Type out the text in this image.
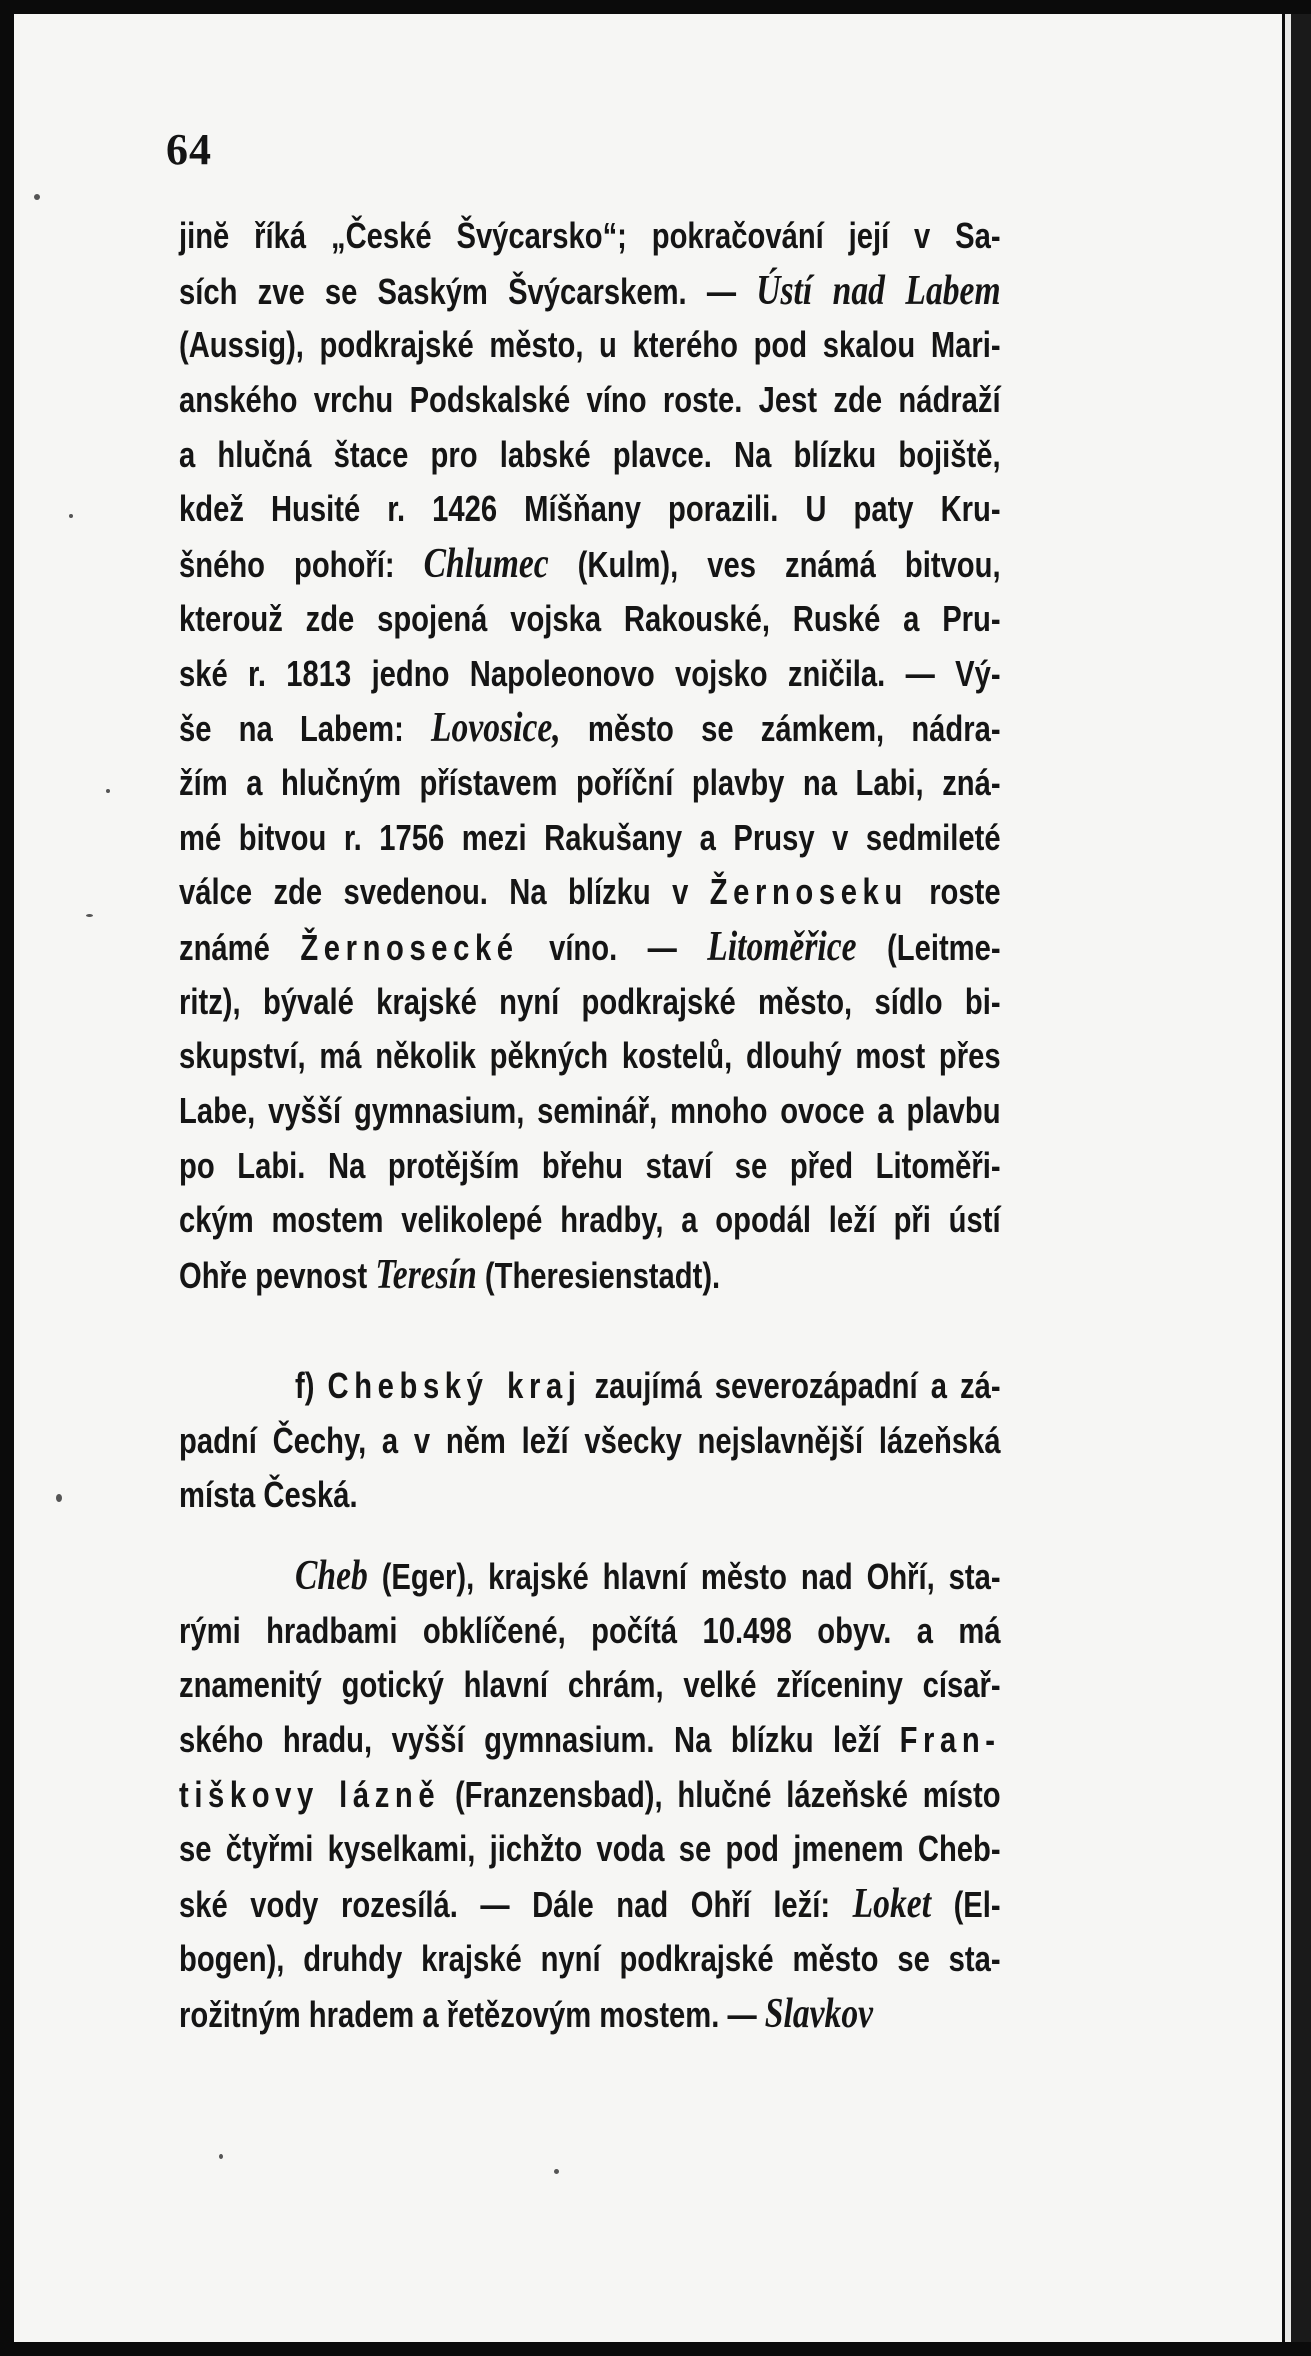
64
jinĕ říká „České Švýcarsko“; pokračování její v Sa-
sích zve se Saským Švýcarskem. — Ústí nad Labem
(Aussig), podkrajské město, u kterého pod skalou Mari-
anského vrchu Podskalské víno roste. Jest zde nádraží
a hlučná štace pro labské plavce. Na blízku bojiště,
kdež Husité r. 1426 Míšňany porazili. U paty Kru-
šného pohoří: Chlumec (Kulm), ves známá bitvou,
kterouž zde spojená vojska Rakouské, Ruské a Pru-
ské r. 1813 jedno Napoleonovo vojsko zničila. — Vý-
še na Labem: Lovosice, město se zámkem, nádra-
žím a hlučným přístavem poříční plavby na Labi, zná-
mé bitvou r. 1756 mezi Rakušany a Prusy v sedmileté
válce zde svedenou. Na blízku v Žernoseku roste
známé Žernosecké víno. — Litoměřice (Leitme-
ritz), bývalé krajské nyní podkrajské město, sídlo bi-
skupství, má několik pěkných kostelů, dlouhý most přes
Labe, vyšší gymnasium, seminář, mnoho ovoce a plavbu
po Labi. Na protějším břehu staví se před Litoměři-
ckým mostem velikolepé hradby, a opodál leží při ústí
Ohře pevnost Teresín (Theresienstadt).
f) Chebský kraj zaujímá severozápadní a zá-
padní Čechy, a v něm leží všecky nejslavnější lázeňská
místa Česká.
Cheb (Eger), krajské hlavní město nad Ohří, sta-
rými hradbami obklíčené, počítá 10.498 obyv. a má
znamenitý gotický hlavní chrám, velké zříceniny císař-
ského hradu, vyšší gymnasium. Na blízku leží Fran-
tiškovy lázně (Franzensbad), hlučné lázeňské místo
se čtyřmi kyselkami, jichžto voda se pod jmenem Cheb-
ské vody rozesílá. — Dále nad Ohří leží: Loket (El-
bogen), druhdy krajské nyní podkrajské město se sta-
rožitným hradem a řetězovým mostem. — Slavkov
